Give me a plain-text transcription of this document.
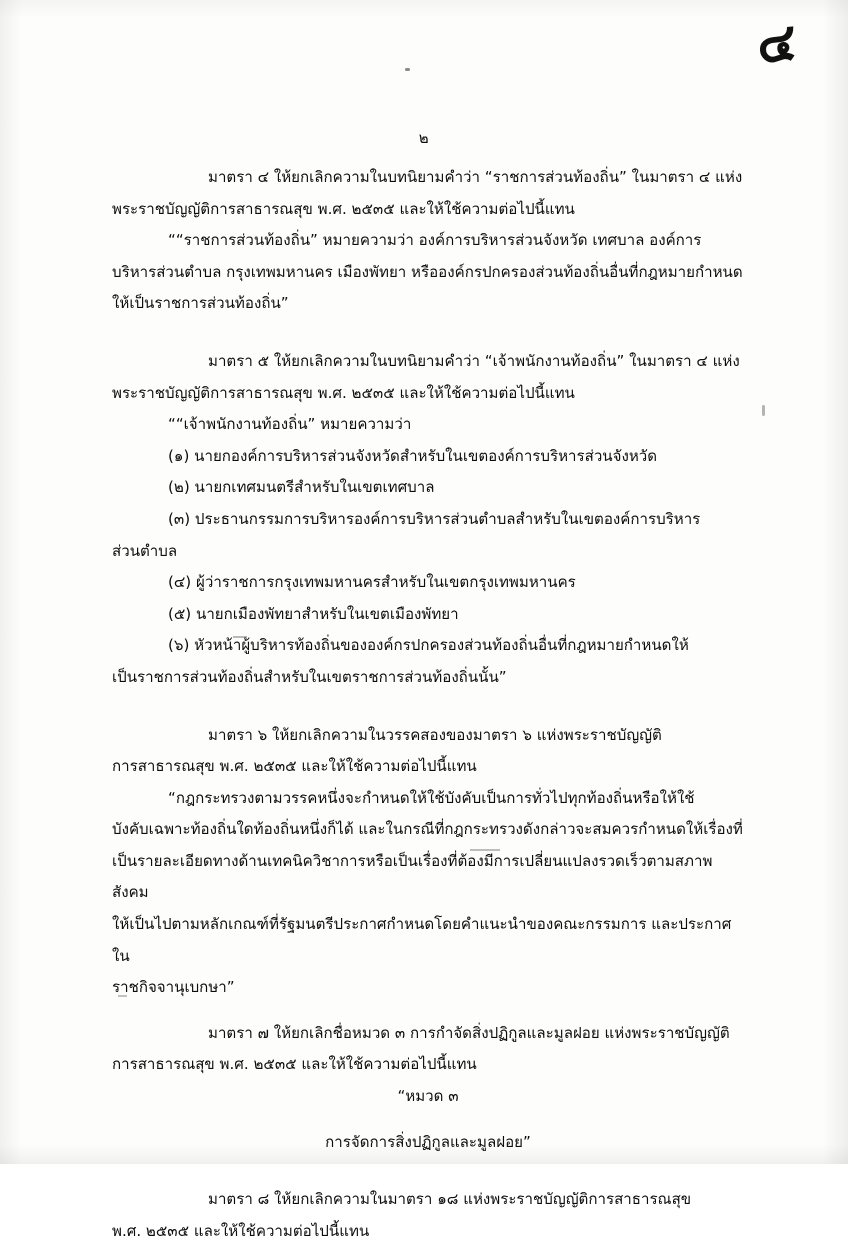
๔
๒
มาตรา ๔ ให้ยกเลิกความในบทนิยามคำว่า “ราชการส่วนท้องถิ่น” ในมาตรา ๔ แห่ง
พระราชบัญญัติการสาธารณสุข พ.ศ. ๒๕๓๕ และให้ใช้ความต่อไปนี้แทน
““ราชการส่วนท้องถิ่น” หมายความว่า องค์การบริหารส่วนจังหวัด เทศบาล องค์การ
บริหารส่วนตำบล กรุงเทพมหานคร เมืองพัทยา หรือองค์กรปกครองส่วนท้องถิ่นอื่นที่กฎหมายกำหนด
ให้เป็นราชการส่วนท้องถิ่น”
มาตรา ๕ ให้ยกเลิกความในบทนิยามคำว่า “เจ้าพนักงานท้องถิ่น” ในมาตรา ๔ แห่ง
พระราชบัญญัติการสาธารณสุข พ.ศ. ๒๕๓๕ และให้ใช้ความต่อไปนี้แทน
““เจ้าพนักงานท้องถิ่น” หมายความว่า
(๑) นายกองค์การบริหารส่วนจังหวัดสำหรับในเขตองค์การบริหารส่วนจังหวัด
(๒) นายกเทศมนตรีสำหรับในเขตเทศบาล
(๓) ประธานกรรมการบริหารองค์การบริหารส่วนตำบลสำหรับในเขตองค์การบริหาร
ส่วนตำบล
(๔) ผู้ว่าราชการกรุงเทพมหานครสำหรับในเขตกรุงเทพมหานคร
(๕) นายกเมืองพัทยาสำหรับในเขตเมืองพัทยา
(๖) หัวหน้าผู้บริหารท้องถิ่นขององค์กรปกครองส่วนท้องถิ่นอื่นที่กฎหมายกำหนดให้
เป็นราชการส่วนท้องถิ่นสำหรับในเขตราชการส่วนท้องถิ่นนั้น”
มาตรา ๖ ให้ยกเลิกความในวรรคสองของมาตรา ๖ แห่งพระราชบัญญัติ
การสาธารณสุข พ.ศ. ๒๕๓๕ และให้ใช้ความต่อไปนี้แทน
“กฎกระทรวงตามวรรคหนึ่งจะกำหนดให้ใช้บังคับเป็นการทั่วไปทุกท้องถิ่นหรือให้ใช้
บังคับเฉพาะท้องถิ่นใดท้องถิ่นหนึ่งก็ได้ และในกรณีที่กฎกระทรวงดังกล่าวจะสมควรกำหนดให้เรื่องที่
เป็นรายละเอียดทางด้านเทคนิควิชาการหรือเป็นเรื่องที่ต้องมีการเปลี่ยนแปลงรวดเร็วตามสภาพสังคม
ให้เป็นไปตามหลักเกณฑ์ที่รัฐมนตรีประกาศกำหนดโดยคำแนะนำของคณะกรรมการ และประกาศใน
ราชกิจจานุเบกษา”
มาตรา ๗ ให้ยกเลิกชื่อหมวด ๓ การกำจัดสิ่งปฏิกูลและมูลฝอย แห่งพระราชบัญญัติ
การสาธารณสุข พ.ศ. ๒๕๓๕ และให้ใช้ความต่อไปนี้แทน
“หมวด ๓
การจัดการสิ่งปฏิกูลและมูลฝอย”
มาตรา ๘ ให้ยกเลิกความในมาตรา ๑๘ แห่งพระราชบัญญัติการสาธารณสุข
พ.ศ. ๒๕๓๕ และให้ใช้ความต่อไปนี้แทน
